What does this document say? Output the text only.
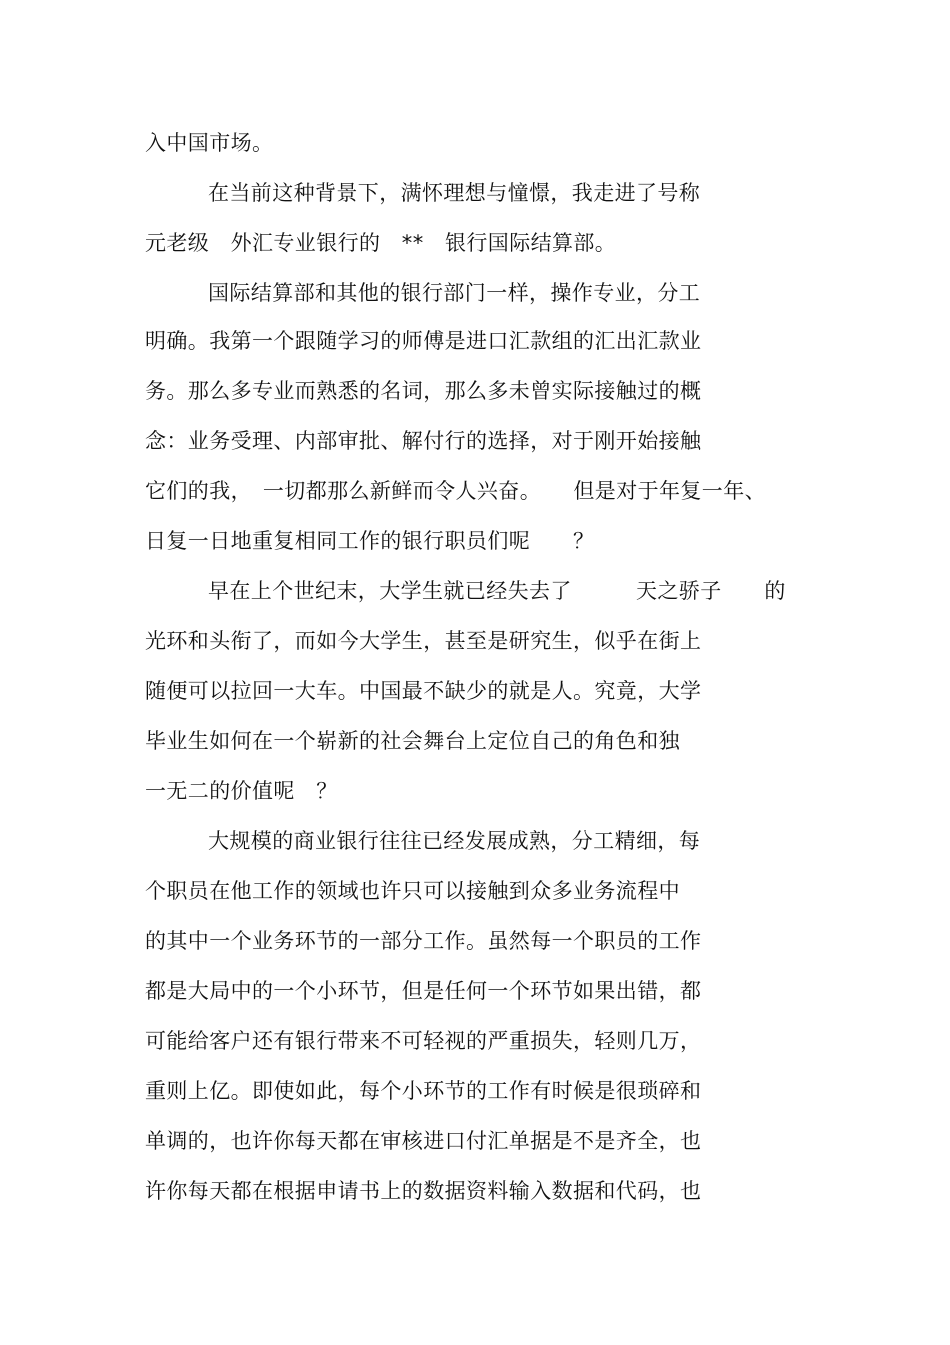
入中国市场。
在当前这种背景下，满怀理想与憧憬，我走进了号称
元老级　外汇专业银行的　**　银行国际结算部。
国际结算部和其他的银行部门一样，操作专业，分工
明确。我第一个跟随学习的师傅是进口汇款组的汇出汇款业
务。那么多专业而熟悉的名词，那么多未曾实际接触过的概
念：业务受理、内部审批、解付行的选择，对于刚开始接触
它们的我，　一切都那么新鲜而令人兴奋。　　但是对于年复一年、
日复一日地重复相同工作的银行职员们呢　　？
早在上个世纪末，大学生就已经失去了　　　天之骄子　　的
光环和头衔了，而如今大学生，甚至是研究生，似乎在街上
随便可以拉回一大车。中国最不缺少的就是人。究竟，大学
毕业生如何在一个崭新的社会舞台上定位自己的角色和独
一无二的价值呢　？
大规模的商业银行往往已经发展成熟，分工精细，每
个职员在他工作的领域也许只可以接触到众多业务流程中
的其中一个业务环节的一部分工作。虽然每一个职员的工作
都是大局中的一个小环节，但是任何一个环节如果出错，都
可能给客户还有银行带来不可轻视的严重损失，轻则几万，
重则上亿。即使如此，每个小环节的工作有时候是很琐碎和
单调的，也许你每天都在审核进口付汇单据是不是齐全，也
许你每天都在根据申请书上的数据资料输入数据和代码，也
